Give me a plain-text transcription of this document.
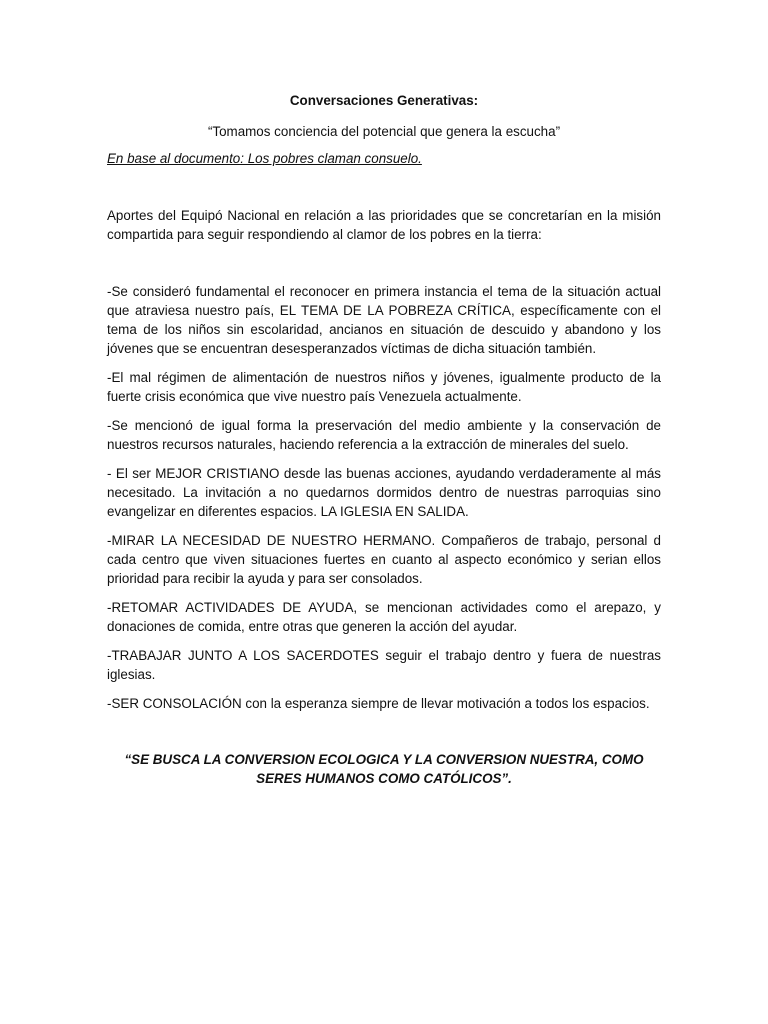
Conversaciones Generativas:

“Tomamos conciencia del potencial que genera la escucha”

En base al documento: Los pobres claman consuelo.

Aportes del Equipó Nacional en relación a las prioridades que se concretarían en la misión compartida para seguir respondiendo al clamor de los pobres en la tierra:

-Se consideró fundamental el reconocer en primera instancia el tema de la situación actual que atraviesa nuestro país, EL TEMA DE LA POBREZA CRÍTICA, específicamente con el tema de los niños sin escolaridad, ancianos en situación de descuido y abandono y los jóvenes que se encuentran desesperanzados víctimas de dicha situación también.

-El mal régimen de alimentación de nuestros niños y jóvenes, igualmente producto de la fuerte crisis económica que vive nuestro país Venezuela actualmente.

-Se mencionó de igual forma la preservación del medio ambiente y la conservación de nuestros recursos naturales, haciendo referencia a la extracción de minerales del suelo.

- El ser MEJOR CRISTIANO desde las buenas acciones, ayudando verdaderamente al más necesitado. La invitación a no quedarnos dormidos dentro de nuestras parroquias sino evangelizar en diferentes espacios. LA IGLESIA EN SALIDA.

-MIRAR LA NECESIDAD DE NUESTRO HERMANO. Compañeros de trabajo, personal d cada centro que viven situaciones fuertes en cuanto al aspecto económico y serian ellos prioridad para recibir la ayuda y para ser consolados.

-RETOMAR ACTIVIDADES DE AYUDA, se mencionan actividades como el arepazo, y donaciones de comida, entre otras que generen la acción del ayudar.

-TRABAJAR JUNTO A LOS SACERDOTES seguir el trabajo dentro y fuera de nuestras iglesias.

-SER CONSOLACIÓN con la esperanza siempre de llevar motivación a todos los espacios.

“SE BUSCA LA CONVERSION ECOLOGICA Y LA CONVERSION NUESTRA, COMO SERES HUMANOS COMO CATÓLICOS”.
